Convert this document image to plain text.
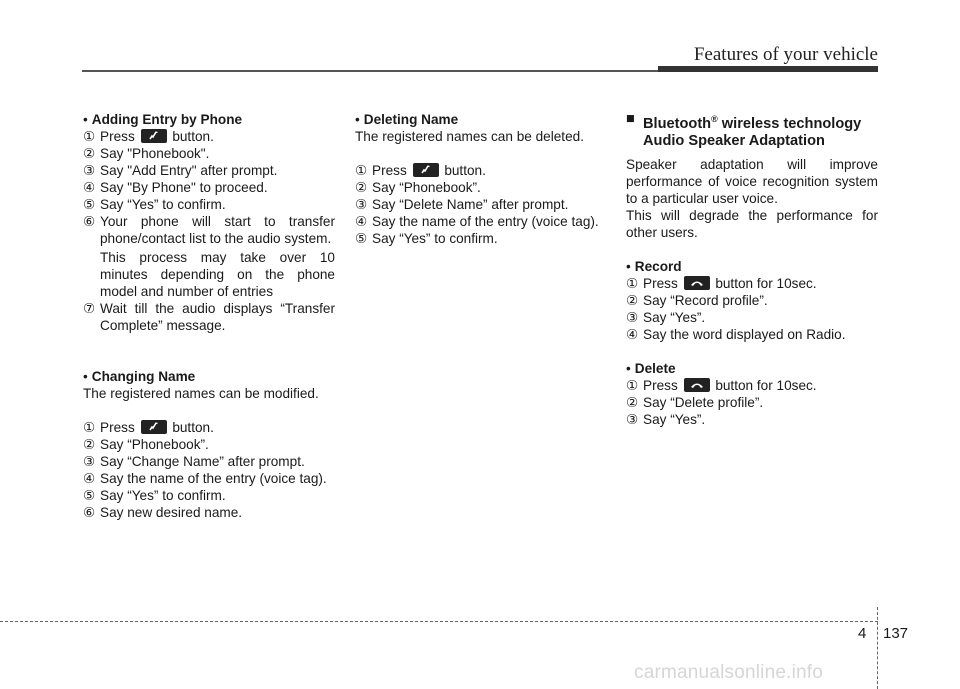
Features of your vehicle
• Adding Entry by Phone
① Press	button.
② Say "Phonebook".
③ Say "Add Entry" after prompt.
④ Say "By Phone" to proceed.
⑤ Say “Yes” to confirm.
⑥ Your phone will start to transfer phone/contact list to the audio system.
This process may take over 10 minutes depending on the phone model and number of entries
⑦ Wait till the audio displays “Transfer Complete” message.
• Changing Name
The registered names can be modified.
① Press	button.
② Say “Phonebook”.
③ Say “Change Name” after prompt.
④ Say the name of the entry (voice tag).
⑤ Say “Yes” to confirm.
⑥ Say new desired name.
• Deleting Name
The registered names can be deleted.
① Press	button.
② Say “Phonebook”.
③ Say “Delete Name” after prompt.
④ Say the name of the entry (voice tag).
⑤ Say “Yes” to confirm.
■ Bluetooth® wireless technology Audio Speaker Adaptation
Speaker adaptation will improve performance of voice recognition system to a particular user voice.
This will degrade the performance for other users.
• Record
① Press	button for 10sec.
② Say “Record profile”.
③ Say “Yes”.
④ Say the word displayed on Radio.
• Delete
① Press	button for 10sec.
② Say “Delete profile”.
③ Say “Yes”.
4 137
carmanualsonline.info
